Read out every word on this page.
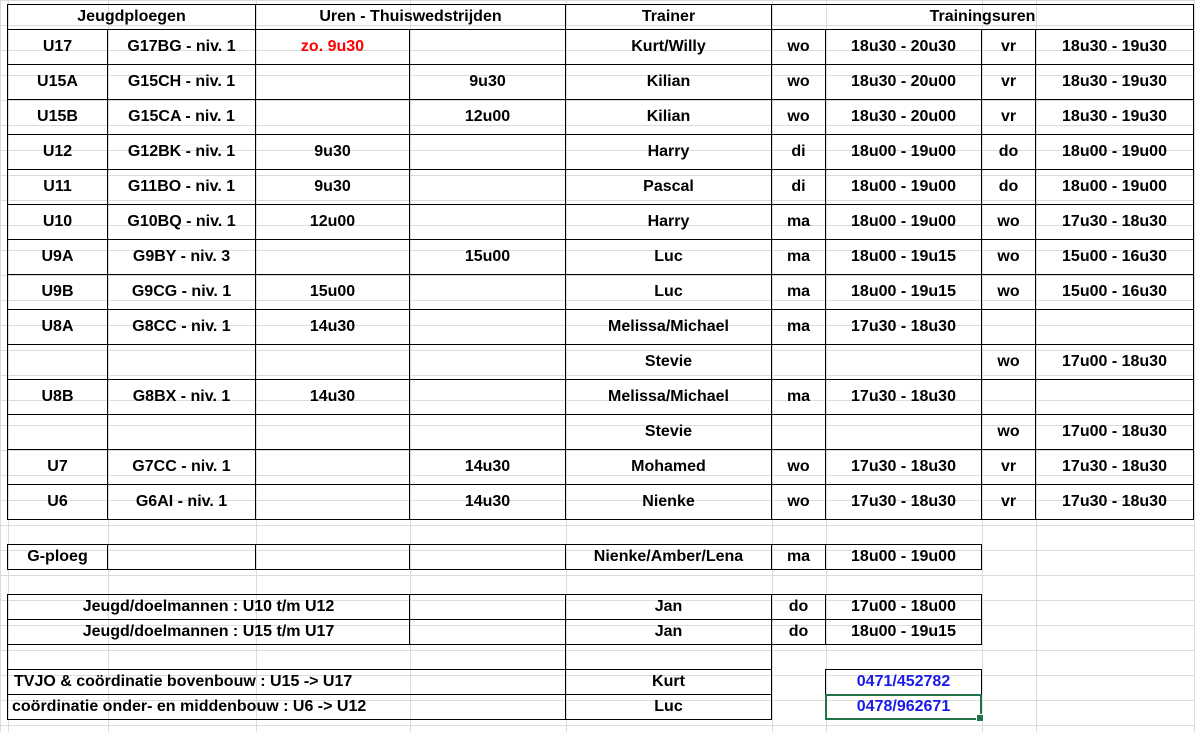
Jeugdploegen	Uren - Thuiswedstrijden	Trainer	Trainingsuren
U17	G17BG - niv. 1	zo. 9u30	Kurt/Willy	wo	18u30 - 20u30	vr	18u30 - 19u30
U15A	G15CH - niv. 1	9u30	Kilian	wo	18u30 - 20u00	vr	18u30 - 19u30
U15B	G15CA - niv. 1	12u00	Kilian	wo	18u30 - 20u00	vr	18u30 - 19u30
U12	G12BK - niv. 1	9u30	Harry	di	18u00 - 19u00	do	18u00 - 19u00
U11	G11BO - niv. 1	9u30	Pascal	di	18u00 - 19u00	do	18u00 - 19u00
U10	G10BQ - niv. 1	12u00	Harry	ma	18u00 - 19u00	wo	17u30 - 18u30
U9A	G9BY - niv. 3	15u00	Luc	ma	18u00 - 19u15	wo	15u00 - 16u30
U9B	G9CG - niv. 1	15u00	Luc	ma	18u00 - 19u15	wo	15u00 - 16u30
U8A	G8CC - niv. 1	14u30	Melissa/Michael	ma	17u30 - 18u30
Stevie	wo	17u00 - 18u30
U8B	G8BX - niv. 1	14u30	Melissa/Michael	ma	17u30 - 18u30
Stevie	wo	17u00 - 18u30
U7	G7CC - niv. 1	14u30	Mohamed	wo	17u30 - 18u30	vr	17u30 - 18u30
U6	G6AI - niv. 1	14u30	Nienke	wo	17u30 - 18u30	vr	17u30 - 18u30
G-ploeg	Nienke/Amber/Lena	ma	18u00 - 19u00
Jeugd/doelmannen : U10 t/m U12	Jan	do	17u00 - 18u00
Jeugd/doelmannen : U15 t/m U17	Jan	do	18u00 - 19u15
TVJO & coördinatie bovenbouw : U15 -> U17	Kurt	0471/452782
coördinatie onder- en middenbouw : U6 -> U12	Luc	0478/962671
